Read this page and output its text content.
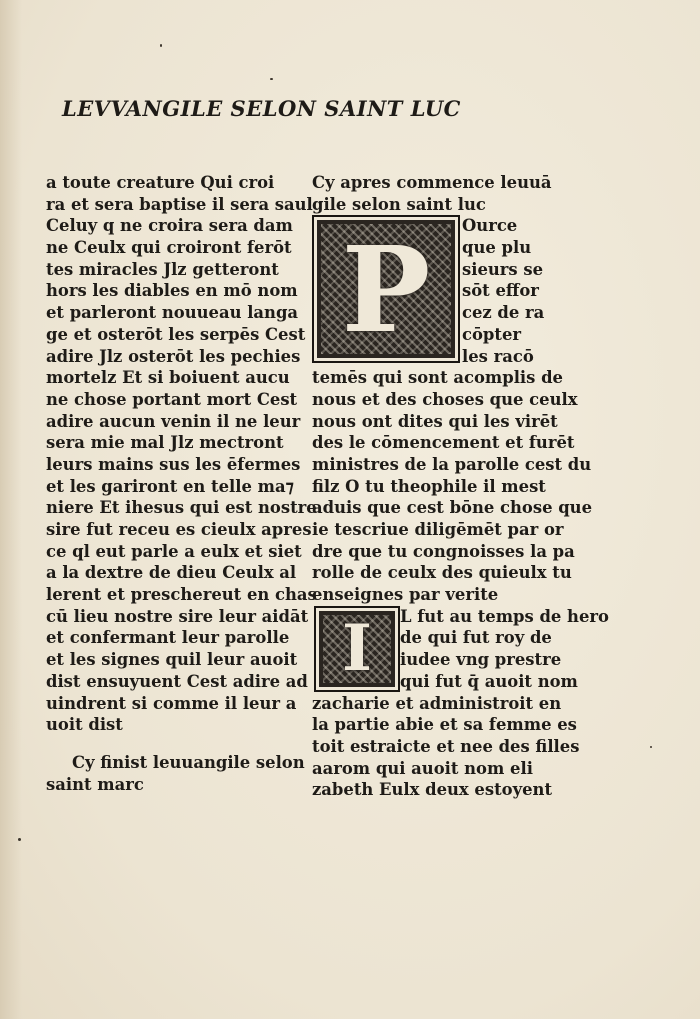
LEVVANGILE SELON SAINT LUC
a toute creature Qui croi
ra et sera baptise il sera saul
Celuy q ne croira sera dam
ne Ceulx qui croiront ferōt
tes miracles Jlz getteront
hors les diables en mō nom
et parleront nouueau langa
ge et osterōt les serpēs Cest
adire Jlz osterōt les pechies
mortelz Et si boiuent aucu
ne chose portant mort Cest
adire aucun venin il ne leur
sera mie mal Jlz mectront
leurs mains sus les ēfermes
et les gariront en telle ma⁊
niere Et ihesus qui est nostre
sire fut receu es cieulx apres
ce ql eut parle a eulx et siet
a la dextre de dieu Ceulx al
lerent et preschereut en chas
cū lieu nostre sire leur aidāt
et confermant leur parolle
et les signes quil leur auoit
dist ensuyuent Cest adire ad
uindrent si comme il leur a
uoit dist
Cy finist leuuangile selon
saint marc
Cy apres commence leuuā
gile selon saint luc
P	Ource
que plu
sieurs se
sōt effor
cez de ra
cōpter
les racō
temēs qui sont acomplis de
nous et des choses que ceulx
nous ont dites qui les virēt
des le cōmencement et furēt
ministres de la parolle cest du
filz O tu theophile il mest
aduis que cest bōne chose que
ie tescriue diligēmēt par or
dre que tu congnoisses la pa
rolle de ceulx des quieulx tu
enseignes par verite
I	L fut au temps de hero
de qui fut roy de
iudee vng prestre
qui fut q̄ auoit nom
zacharie et administroit en
la partie abie et sa femme es
toit estraicte et nee des filles
aarom qui auoit nom eli
zabeth Eulx deux estoyent
